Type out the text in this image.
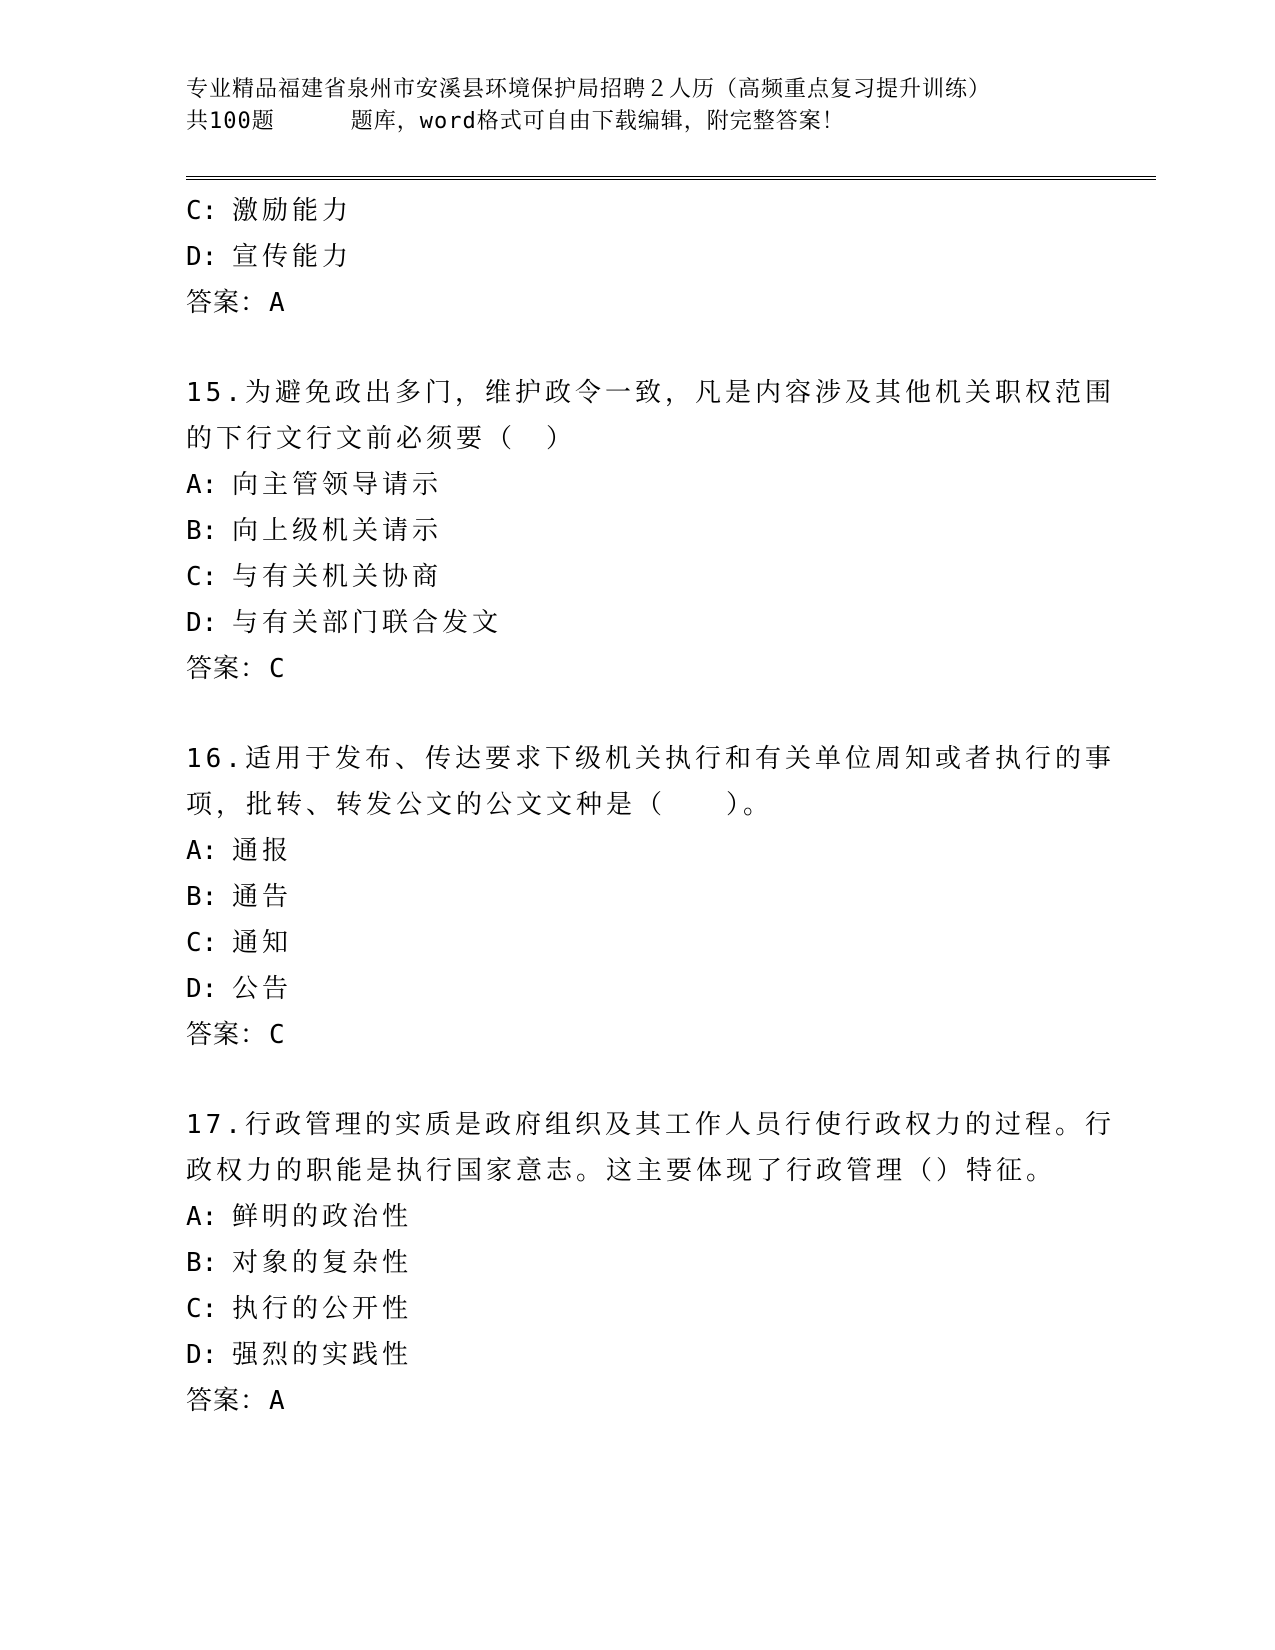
专业精品福建省泉州市安溪县环境保护局招聘２人历（高频重点复习提升训练）
共100题	题库，word格式可自由下载编辑，附完整答案！
C: 激励能力
D: 宣传能力
答案：A
15.为避免政出多门，维护政令一致，凡是内容涉及其他机关职权范围
的下行文行文前必须要（　）
A: 向主管领导请示
B: 向上级机关请示
C: 与有关机关协商
D: 与有关部门联合发文
答案：C
16.适用于发布、传达要求下级机关执行和有关单位周知或者执行的事
项，批转、转发公文的公文文种是（　　）。
A: 通报
B: 通告
C: 通知
D: 公告
答案：C
17.行政管理的实质是政府组织及其工作人员行使行政权力的过程。行
政权力的职能是执行国家意志。这主要体现了行政管理（）特征。
A: 鲜明的政治性
B: 对象的复杂性
C: 执行的公开性
D: 强烈的实践性
答案：A
